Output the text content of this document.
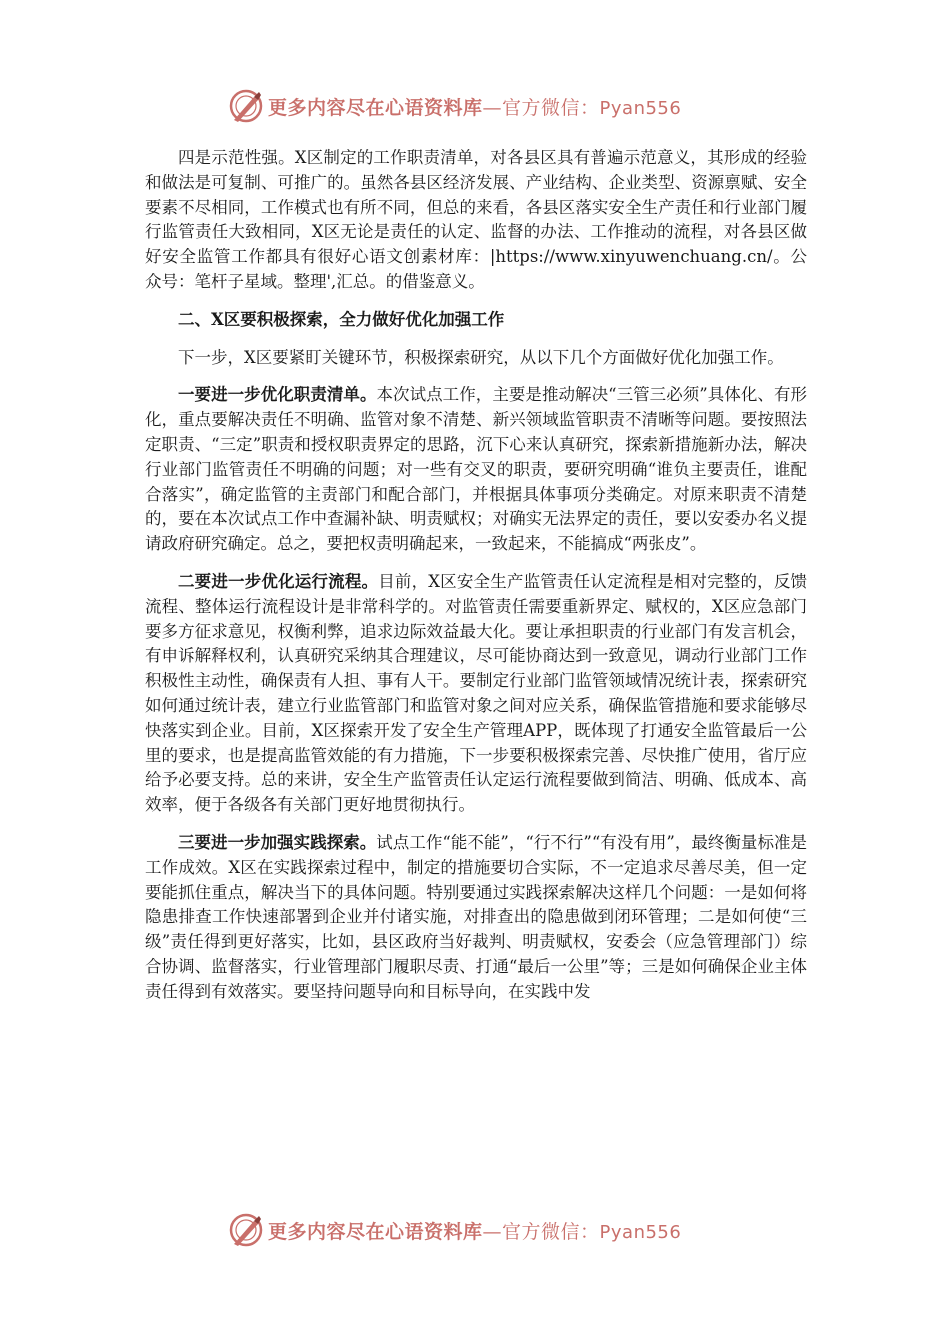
更多内容尽在心语资料库—官方微信：Pyan556

四是示范性强。X区制定的工作职责清单，对各县区具有普遍示范意义，其形成的经验和做法是可复制、可推广的。虽然各县区经济发展、产业结构、企业类型、资源禀赋、安全要素不尽相同，工作模式也有所不同，但总的来看，各县区落实安全生产责任和行业部门履行监管责任大致相同，X区无论是责任的认定、监督的办法、工作推动的流程，对各县区做好安全监管工作都具有很好心语文创素材库：|https://www.xinyuwenchuang.cn/。公众号：笔杆子星域。整理',汇总。的借鉴意义。

二、X区要积极探索，全力做好优化加强工作

下一步，X区要紧盯关键环节，积极探索研究，从以下几个方面做好优化加强工作。

一要进一步优化职责清单。本次试点工作，主要是推动解决“三管三必须”具体化、有形化，重点要解决责任不明确、监管对象不清楚、新兴领域监管职责不清晰等问题。要按照法定职责、“三定”职责和授权职责界定的思路，沉下心来认真研究，探索新措施新办法，解决行业部门监管责任不明确的问题；对一些有交叉的职责，要研究明确“谁负主要责任，谁配合落实”，确定监管的主责部门和配合部门，并根据具体事项分类确定。对原来职责不清楚的，要在本次试点工作中查漏补缺、明责赋权；对确实无法界定的责任，要以安委办名义提请政府研究确定。总之，要把权责明确起来，一致起来，不能搞成“两张皮”。

二要进一步优化运行流程。目前，X区安全生产监管责任认定流程是相对完整的，反馈流程、整体运行流程设计是非常科学的。对监管责任需要重新界定、赋权的，X区应急部门要多方征求意见，权衡利弊，追求边际效益最大化。要让承担职责的行业部门有发言机会，有申诉解释权利，认真研究采纳其合理建议，尽可能协商达到一致意见，调动行业部门工作积极性主动性，确保责有人担、事有人干。要制定行业部门监管领域情况统计表，探索研究如何通过统计表，建立行业监管部门和监管对象之间对应关系，确保监管措施和要求能够尽快落实到企业。目前，X区探索开发了安全生产管理APP，既体现了打通安全监管最后一公里的要求，也是提高监管效能的有力措施，下一步要积极探索完善、尽快推广使用，省厅应给予必要支持。总的来讲，安全生产监管责任认定运行流程要做到简洁、明确、低成本、高效率，便于各级各有关部门更好地贯彻执行。

三要进一步加强实践探索。试点工作“能不能”，“行不行”“有没有用”，最终衡量标准是工作成效。X区在实践探索过程中，制定的措施要切合实际，不一定追求尽善尽美，但一定要能抓住重点，解决当下的具体问题。特别要通过实践探索解决这样几个问题：一是如何将隐患排查工作快速部署到企业并付诸实施，对排查出的隐患做到闭环管理；二是如何使“三级”责任得到更好落实，比如，县区政府当好裁判、明责赋权，安委会（应急管理部门）综合协调、监督落实，行业管理部门履职尽责、打通“最后一公里”等；三是如何确保企业主体责任得到有效落实。要坚持问题导向和目标导向，在实践中发

更多内容尽在心语资料库—官方微信：Pyan556
